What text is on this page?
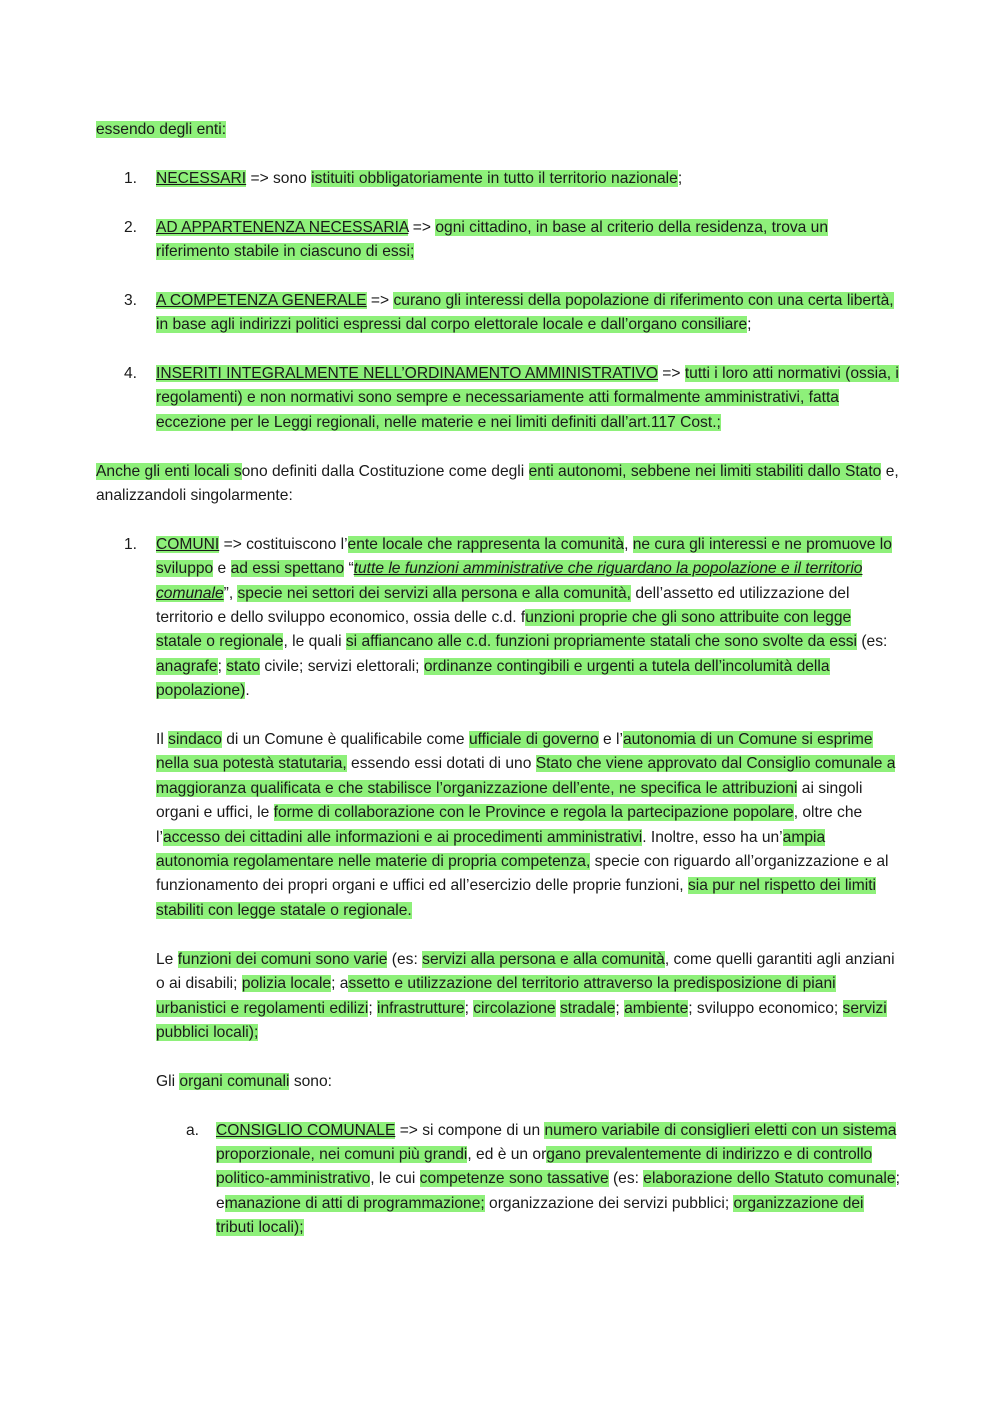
essendo degli enti:

1. NECESSARI => sono istituiti obbligatoriamente in tutto il territorio nazionale;
2. AD APPARTENENZA NECESSARIA => ogni cittadino, in base al criterio della residenza, trova un riferimento stabile in ciascuno di essi;
3. A COMPETENZA GENERALE => curano gli interessi della popolazione di riferimento con una certa libertà, in base agli indirizzi politici espressi dal corpo elettorale locale e dall’organo consiliare;
4. INSERITI INTEGRALMENTE NELL’ORDINAMENTO AMMINISTRATIVO => tutti i loro atti normativi (ossia, i regolamenti) e non normativi sono sempre e necessariamente atti formalmente amministrativi, fatta eccezione per le Leggi regionali, nelle materie e nei limiti definiti dall’art.117 Cost.;

Anche gli enti locali sono definiti dalla Costituzione come degli enti autonomi, sebbene nei limiti stabiliti dallo Stato e, analizzandoli singolarmente:

1. COMUNI => costituiscono l’ente locale che rappresenta la comunità, ne cura gli interessi e ne promuove lo sviluppo e ad essi spettano “tutte le funzioni amministrative che riguardano la popolazione e il territorio comunale”, specie nei settori dei servizi alla persona e alla comunità, dell’assetto ed utilizzazione del territorio e dello sviluppo economico, ossia delle c.d. funzioni proprie che gli sono attribuite con legge statale o regionale, le quali si affiancano alle c.d. funzioni propriamente statali che sono svolte da essi (es: anagrafe; stato civile; servizi elettorali; ordinanze contingibili e urgenti a tutela dell’incolumità della popolazione).

Il sindaco di un Comune è qualificabile come ufficiale di governo e l’autonomia di un Comune si esprime nella sua potestà statutaria, essendo essi dotati di uno Stato che viene approvato dal Consiglio comunale a maggioranza qualificata e che stabilisce l’organizzazione dell’ente, ne specifica le attribuzioni ai singoli organi e uffici, le forme di collaborazione con le Province e regola la partecipazione popolare, oltre che l’accesso dei cittadini alle informazioni e ai procedimenti amministrativi. Inoltre, esso ha un’ampia autonomia regolamentare nelle materie di propria competenza, specie con riguardo all’organizzazione e al funzionamento dei propri organi e uffici ed all’esercizio delle proprie funzioni, sia pur nel rispetto dei limiti stabiliti con legge statale o regionale.

Le funzioni dei comuni sono varie (es: servizi alla persona e alla comunità, come quelli garantiti agli anziani o ai disabili; polizia locale; assetto e utilizzazione del territorio attraverso la predisposizione di piani urbanistici e regolamenti edilizi; infrastrutture; circolazione stradale; ambiente; sviluppo economico; servizi pubblici locali);

Gli organi comunali sono:

a. CONSIGLIO COMUNALE => si compone di un numero variabile di consiglieri eletti con un sistema proporzionale, nei comuni più grandi, ed è un organo prevalentemente di indirizzo e di controllo politico-amministrativo, le cui competenze sono tassative (es: elaborazione dello Statuto comunale; emanazione di atti di programmazione; organizzazione dei servizi pubblici; organizzazione dei tributi locali);
